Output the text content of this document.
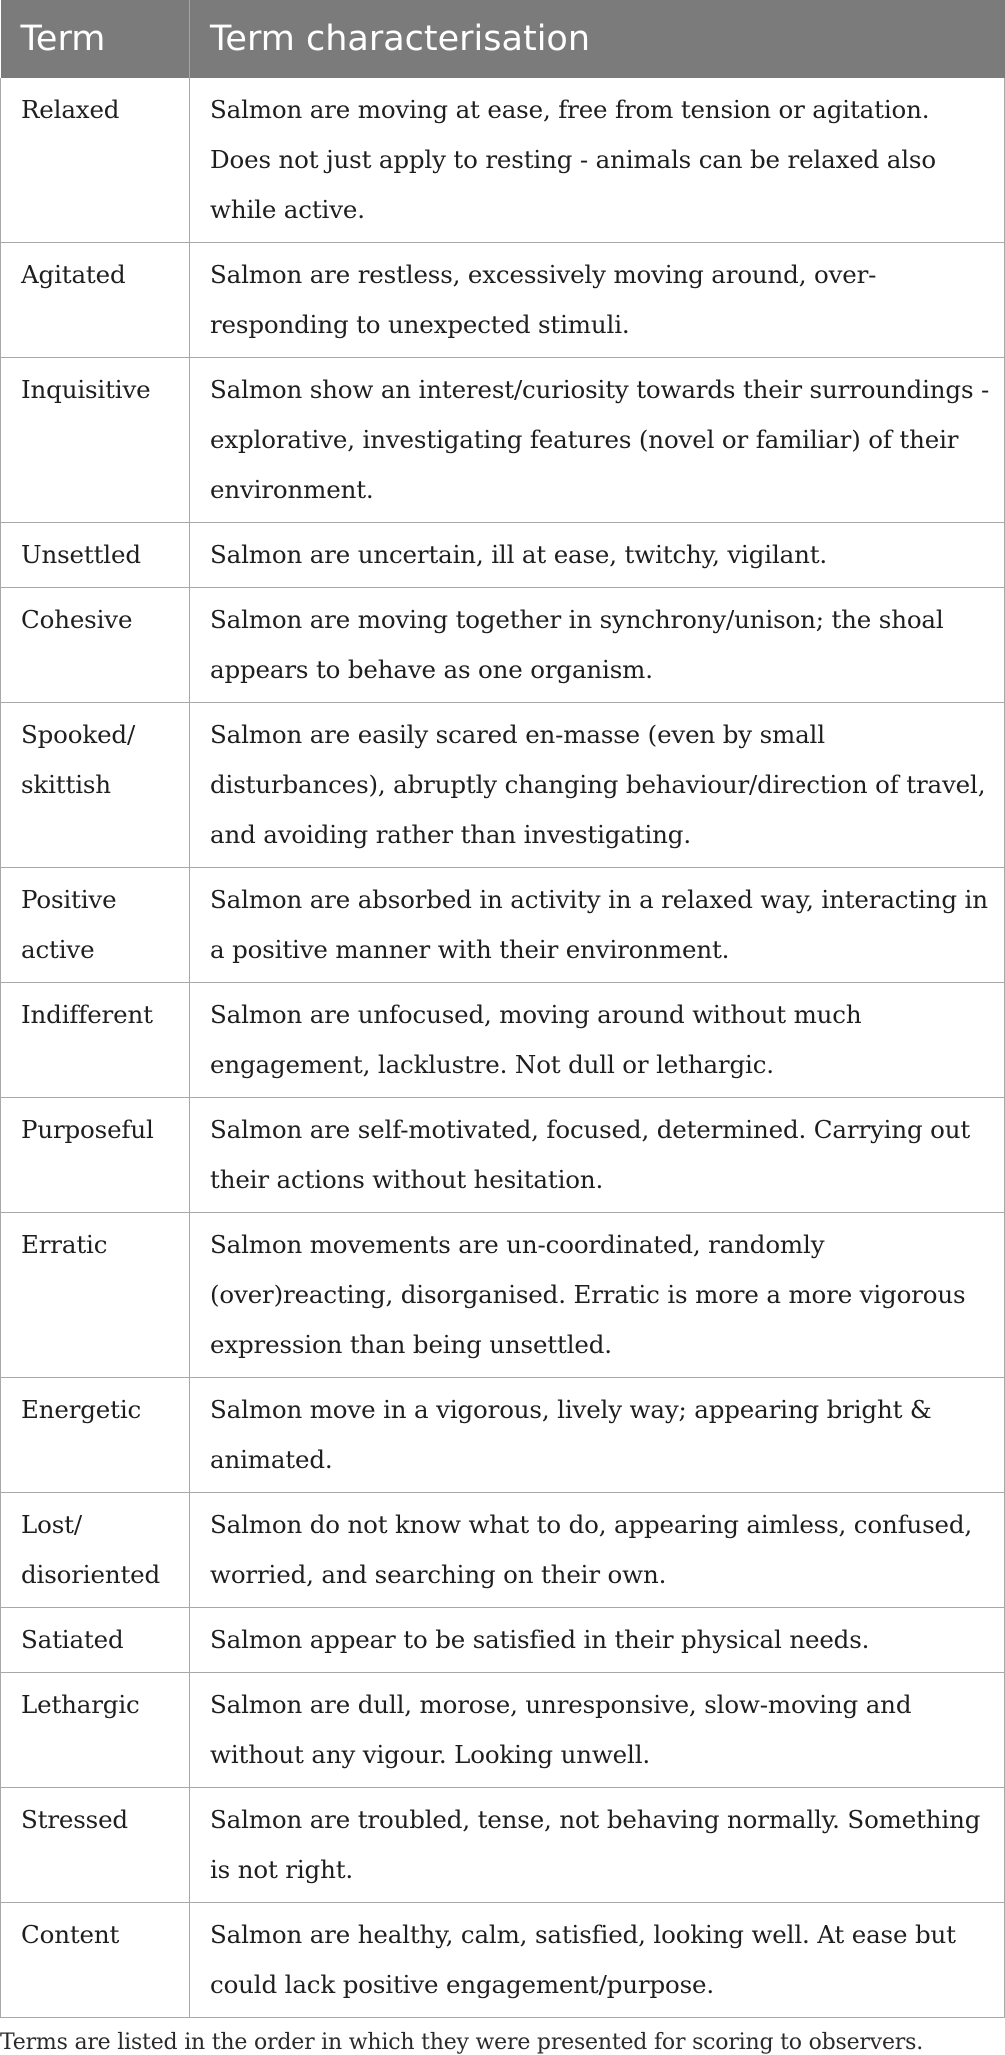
Term	Term characterisation
Relaxed	Salmon are moving at ease, free from tension or agitation. Does not just apply to resting - animals can be relaxed also while active.
Agitated	Salmon are restless, excessively moving around, over-responding to unexpected stimuli.
Inquisitive	Salmon show an interest/curiosity towards their surroundings - explorative, investigating features (novel or familiar) of their environment.
Unsettled	Salmon are uncertain, ill at ease, twitchy, vigilant.
Cohesive	Salmon are moving together in synchrony/unison; the shoal appears to behave as one organism.
Spooked/ skittish	Salmon are easily scared en-masse (even by small disturbances), abruptly changing behaviour/direction of travel, and avoiding rather than investigating.
Positive active	Salmon are absorbed in activity in a relaxed way, interacting in a positive manner with their environment.
Indifferent	Salmon are unfocused, moving around without much engagement, lacklustre. Not dull or lethargic.
Purposeful	Salmon are self-motivated, focused, determined. Carrying out their actions without hesitation.
Erratic	Salmon movements are un-coordinated, randomly (over)reacting, disorganised. Erratic is more a more vigorous expression than being unsettled.
Energetic	Salmon move in a vigorous, lively way; appearing bright & animated.
Lost/ disoriented	Salmon do not know what to do, appearing aimless, confused, worried, and searching on their own.
Satiated	Salmon appear to be satisfied in their physical needs.
Lethargic	Salmon are dull, morose, unresponsive, slow-moving and without any vigour. Looking unwell.
Stressed	Salmon are troubled, tense, not behaving normally. Something is not right.
Content	Salmon are healthy, calm, satisfied, looking well. At ease but could lack positive engagement/purpose.
Terms are listed in the order in which they were presented for scoring to observers.
